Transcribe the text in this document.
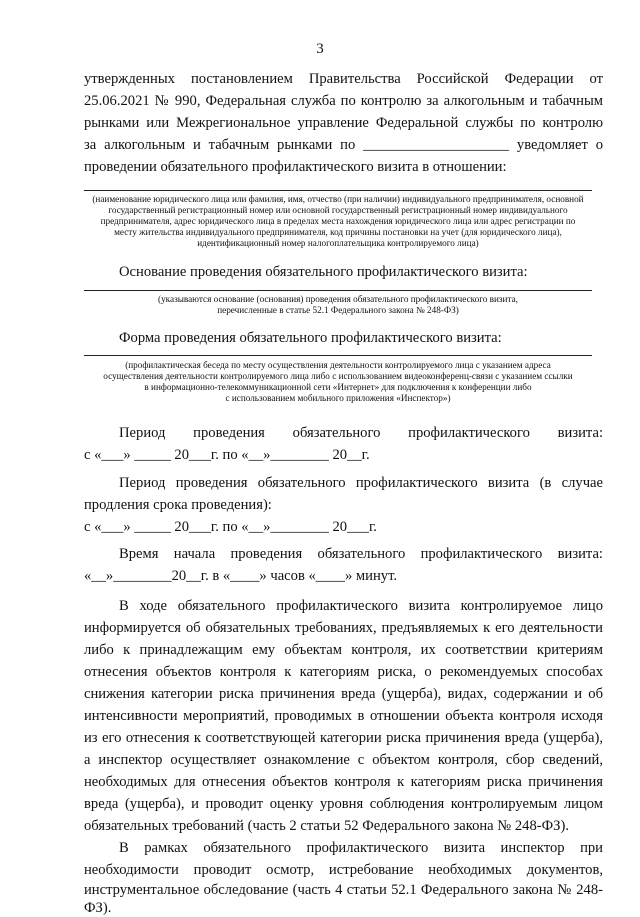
3
утвержденных постановлением Правительства Российской Федерации от
25.06.2021 № 990, Федеральная служба по контролю за алкогольным и табачным
рынками или Межрегиональное управление Федеральной службы по контролю
за алкогольным и табачным рынками по ____________________ уведомляет о
проведении обязательного профилактического визита в отношении:
(наименование юридического лица или фамилия, имя, отчество (при наличии) индивидуального предпринимателя, основной
государственный регистрационный номер или основной государственный регистрационный номер индивидуального
предпринимателя, адрес юридического лица в пределах места нахождения юридического лица или адрес регистрации по
месту жительства индивидуального предпринимателя, код причины постановки на учет (для юридического лица),
идентификационный номер налогоплательщика контролируемого лица)
Основание проведения обязательного профилактического визита:
(указываются основание (основания) проведения обязательного профилактического визита,
перечисленные в статье 52.1 Федерального закона № 248-ФЗ)
Форма проведения обязательного профилактического визита:
(профилактическая беседа по месту осуществления деятельности контролируемого лица с указанием адреса
осуществления деятельности контролируемого лица либо с использованием видеоконференц-связи с указанием ссылки
в информационно-телекоммуникационной сети «Интернет» для подключения к конференции либо
с использованием мобильного приложения «Инспектор»)
Период проведения обязательного профилактического визита:
с «___» _____ 20___г. по «__»________ 20__г.
Период проведения обязательного профилактического визита (в случае
продления срока проведения):
с «___» _____ 20___г. по «__»________ 20___г.
Время начала проведения обязательного профилактического визита:
«__»________20__г. в «____» часов «____» минут.
В ходе обязательного профилактического визита контролируемое лицо
информируется об обязательных требованиях, предъявляемых к его деятельности
либо к принадлежащим ему объектам контроля, их соответствии критериям
отнесения объектов контроля к категориям риска, о рекомендуемых способах
снижения категории риска причинения вреда (ущерба), видах, содержании и об
интенсивности мероприятий, проводимых в отношении объекта контроля исходя
из его отнесения к соответствующей категории риска причинения вреда (ущерба),
а инспектор осуществляет ознакомление с объектом контроля, сбор сведений,
необходимых для отнесения объектов контроля к категориям риска причинения
вреда (ущерба), и проводит оценку уровня соблюдения контролируемым лицом
обязательных требований (часть 2 статьи 52 Федерального закона № 248-ФЗ).
В рамках обязательного профилактического визита инспектор при
необходимости проводит осмотр, истребование необходимых документов,
инструментальное обследование (часть 4 статьи 52.1 Федерального закона № 248-ФЗ).
